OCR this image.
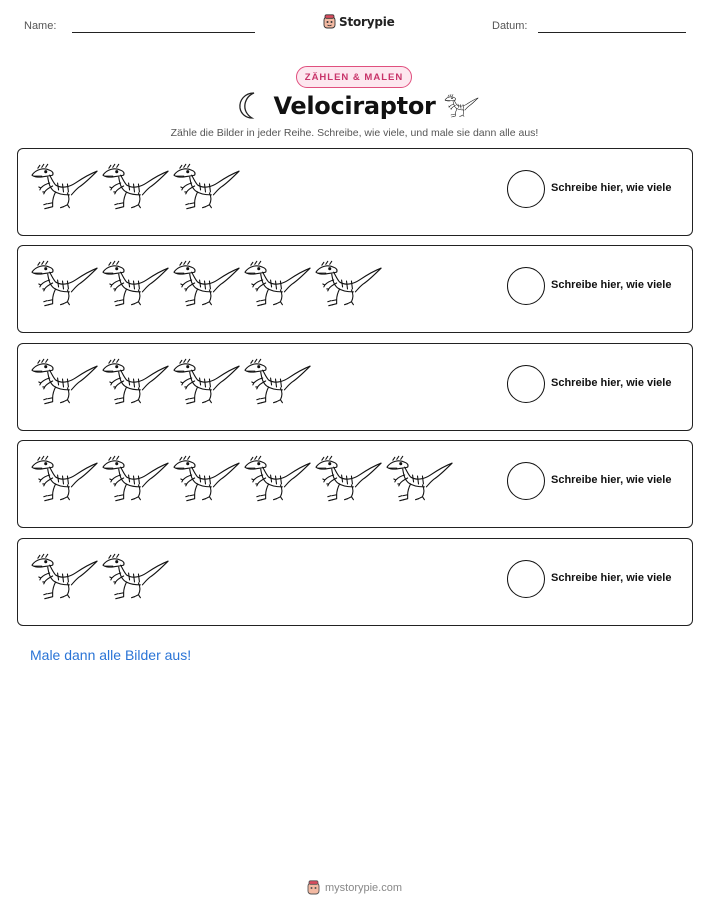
Name:	Storypie	Datum:
ZÄHLEN & MALEN
Velociraptor
Zähle die Bilder in jeder Reihe. Schreibe, wie viele, und male sie dann alle aus!
Schreibe hier, wie viele
Schreibe hier, wie viele
Schreibe hier, wie viele
Schreibe hier, wie viele
Schreibe hier, wie viele
Male dann alle Bilder aus!
mystorypie.com
